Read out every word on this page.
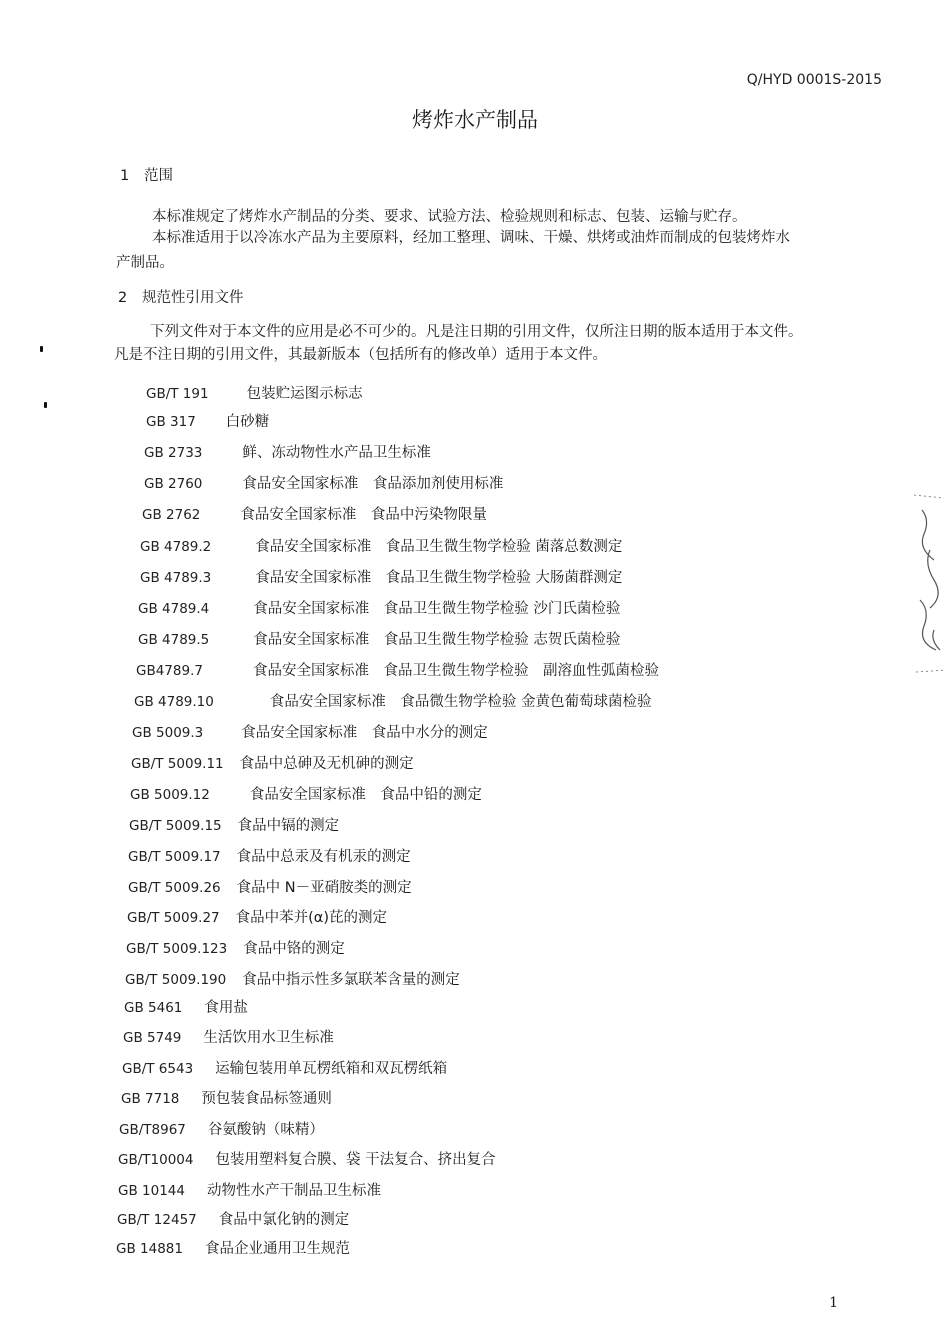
Q/HYD 0001S-2015
烤炸水产制品
1 范围
本标准规定了烤炸水产制品的分类、要求、试验方法、检验规则和标志、包装、运输与贮存。
本标准适用于以冷冻水产品为主要原料，经加工整理、调味、干燥、烘烤或油炸而制成的包装烤炸水
产制品。
2 规范性引用文件
下列文件对于本文件的应用是必不可少的。凡是注日期的引用文件，仅所注日期的版本适用于本文件。
凡是不注日期的引用文件，其最新版本（包括所有的修改单）适用于本文件。
GB/T 191	包装贮运图示标志
GB 317 白砂糖
GB 2733	鲜、冻动物性水产品卫生标准
GB 2760	食品安全国家标准　食品添加剂使用标准
GB 2762	食品安全国家标准　食品中污染物限量
GB 4789.2	食品安全国家标准　食品卫生微生物学检验 菌落总数测定
GB 4789.3	食品安全国家标准　食品卫生微生物学检验 大肠菌群测定
GB 4789.4	食品安全国家标准　食品卫生微生物学检验 沙门氏菌检验
GB 4789.5	食品安全国家标准　食品卫生微生物学检验 志贺氏菌检验
GB4789.7	食品安全国家标准　食品卫生微生物学检验　副溶血性弧菌检验
GB 4789.10	食品安全国家标准　食品微生物学检验 金黄色葡萄球菌检验
GB 5009.3	食品安全国家标准　食品中水分的测定
GB/T 5009.11 食品中总砷及无机砷的测定
GB 5009.12	食品安全国家标准　食品中铅的测定
GB/T 5009.15 食品中镉的测定
GB/T 5009.17 食品中总汞及有机汞的测定
GB/T 5009.26 食品中 N－亚硝胺类的测定
GB/T 5009.27 食品中苯并(α)芘的测定
GB/T 5009.123 食品中铬的测定
GB/T 5009.190 食品中指示性多氯联苯含量的测定
GB 5461 食用盐
GB 5749 生活饮用水卫生标准
GB/T 6543 运输包装用单瓦楞纸箱和双瓦楞纸箱
GB 7718 预包装食品标签通则
GB/T8967 谷氨酸钠（味精）
GB/T10004 包装用塑料复合膜、袋 干法复合、挤出复合
GB 10144 动物性水产干制品卫生标准
GB/T 12457 食品中氯化钠的测定
GB 14881 食品企业通用卫生规范
1
